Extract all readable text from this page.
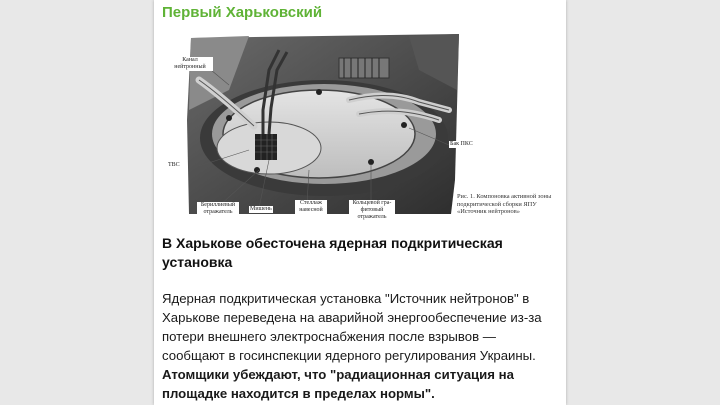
Первый Харьковский
Канал нейтронный
Бак ПКС
ТВС
Бериллиевый отражатель	Мишень
Стеллаж навесной
Кольцевой гра-фитовый отражатель
Рис. 1. Компоновка активной зоны подкритической сборки ЯПУ «Источник нейтронов»
В Харькове обесточена ядерная подкритическая установка
Ядерная подкритическая установка "Источник нейтронов" в Харькове переведена на аварийной энергообеспечение из-за потери внешнего электроснабжения после взрывов — сообщают в госинспекции ядерного регулирования Украины. Атомщики убеждают, что "радиационная ситуация на площадке находится в пределах нормы".
